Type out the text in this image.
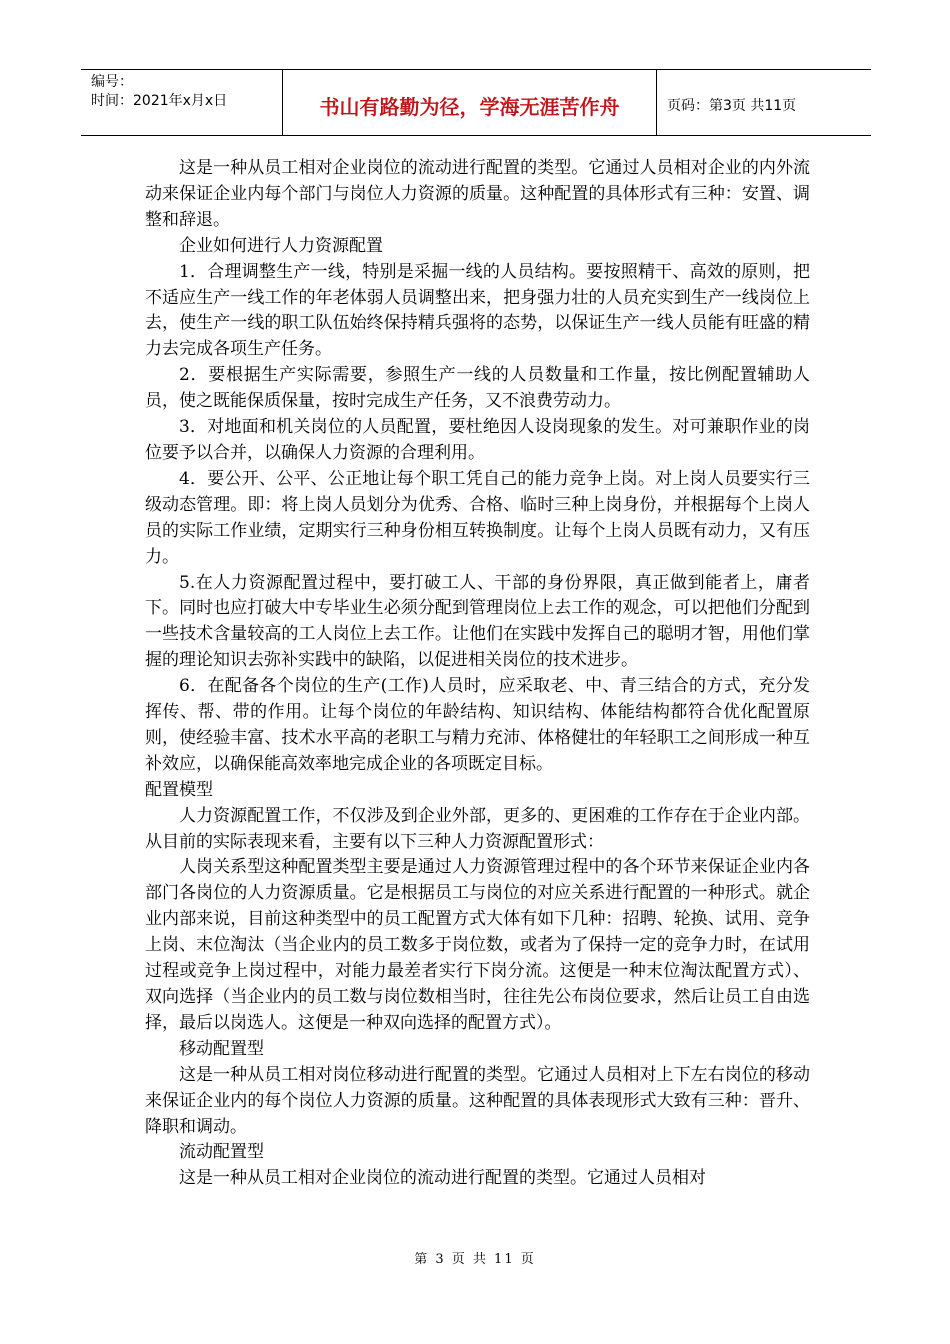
编号：
时间：2021年x月x日	书山有路勤为径，学海无涯苦作舟	页码：第3页 共11页

这是一种从员工相对企业岗位的流动进行配置的类型。它通过人员相对企业的内外流动来保证企业内每个部门与岗位人力资源的质量。这种配置的具体形式有三种：安置、调整和辞退。

企业如何进行人力资源配置

1．合理调整生产一线，特别是采掘一线的人员结构。要按照精干、高效的原则，把不适应生产一线工作的年老体弱人员调整出来，把身强力壮的人员充实到生产一线岗位上去，使生产一线的职工队伍始终保持精兵强将的态势，以保证生产一线人员能有旺盛的精力去完成各项生产任务。

2．要根据生产实际需要，参照生产一线的人员数量和工作量，按比例配置辅助人员，使之既能保质保量，按时完成生产任务，又不浪费劳动力。

3．对地面和机关岗位的人员配置，要杜绝因人设岗现象的发生。对可兼职作业的岗位要予以合并，以确保人力资源的合理利用。

4．要公开、公平、公正地让每个职工凭自己的能力竞争上岗。对上岗人员要实行三级动态管理。即：将上岗人员划分为优秀、合格、临时三种上岗身份，并根据每个上岗人员的实际工作业绩，定期实行三种身份相互转换制度。让每个上岗人员既有动力，又有压力。

5.在人力资源配置过程中，要打破工人、干部的身份界限，真正做到能者上，庸者下。同时也应打破大中专毕业生必须分配到管理岗位上去工作的观念，可以把他们分配到一些技术含量较高的工人岗位上去工作。让他们在实践中发挥自己的聪明才智，用他们掌握的理论知识去弥补实践中的缺陷，以促进相关岗位的技术进步。

6．在配备各个岗位的生产(工作)人员时，应采取老、中、青三结合的方式，充分发挥传、帮、带的作用。让每个岗位的年龄结构、知识结构、体能结构都符合优化配置原则，使经验丰富、技术水平高的老职工与精力充沛、体格健壮的年轻职工之间形成一种互补效应，以确保能高效率地完成企业的各项既定目标。

配置模型

人力资源配置工作，不仅涉及到企业外部，更多的、更困难的工作存在于企业内部。从目前的实际表现来看，主要有以下三种人力资源配置形式：

人岗关系型这种配置类型主要是通过人力资源管理过程中的各个环节来保证企业内各部门各岗位的人力资源质量。它是根据员工与岗位的对应关系进行配置的一种形式。就企业内部来说，目前这种类型中的员工配置方式大体有如下几种：招聘、轮换、试用、竞争上岗、末位淘汰（当企业内的员工数多于岗位数，或者为了保持一定的竞争力时，在试用过程或竞争上岗过程中，对能力最差者实行下岗分流。这便是一种末位淘汰配置方式）、双向选择（当企业内的员工数与岗位数相当时，往往先公布岗位要求，然后让员工自由选择，最后以岗选人。这便是一种双向选择的配置方式）。

移动配置型

这是一种从员工相对岗位移动进行配置的类型。它通过人员相对上下左右岗位的移动来保证企业内的每个岗位人力资源的质量。这种配置的具体表现形式大致有三种：晋升、降职和调动。

流动配置型

这是一种从员工相对企业岗位的流动进行配置的类型。它通过人员相对

第 3 页 共 11 页
